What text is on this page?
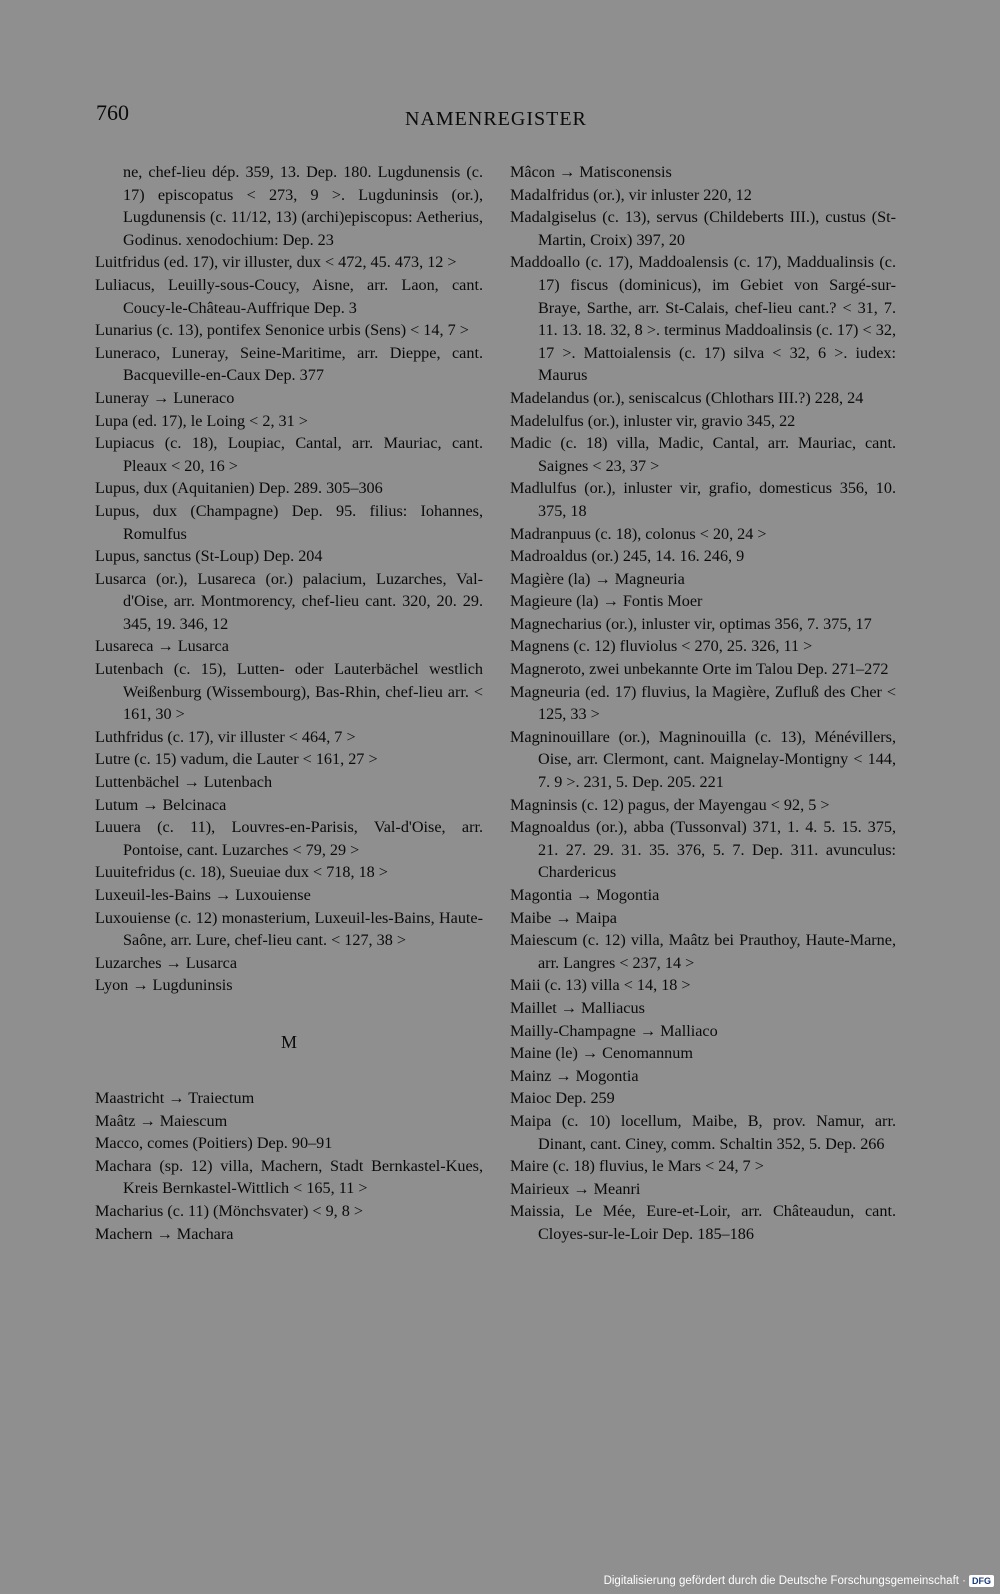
760	NAMENREGISTER

ne, chef-lieu dép. 359, 13. Dep. 180. Lugdunensis (c. 17) episcopatus < 273, 9 >. Lugduninsis (or.), Lugdunensis (c. 11/12, 13) (archi)episcopus: Aetherius, Godinus. xenodochium: Dep. 23

Luitfridus (ed. 17), vir illuster, dux < 472, 45. 473, 12 >

Luliacus, Leuilly-sous-Coucy, Aisne, arr. Laon, cant. Coucy-le-Château-Auffrique Dep. 3

Lunarius (c. 13), pontifex Senonice urbis (Sens) < 14, 7 >

Luneraco, Luneray, Seine-Maritime, arr. Dieppe, cant. Bacqueville-en-Caux Dep. 377

Luneray → Luneraco

Lupa (ed. 17), le Loing < 2, 31 >

Lupiacus (c. 18), Loupiac, Cantal, arr. Mauriac, cant. Pleaux < 20, 16 >

Lupus, dux (Aquitanien) Dep. 289. 305–306

Lupus, dux (Champagne) Dep. 95. filius: Iohannes, Romulfus

Lupus, sanctus (St-Loup) Dep. 204

Lusarca (or.), Lusareca (or.) palacium, Luzarches, Val-d'Oise, arr. Montmorency, chef-lieu cant. 320, 20. 29. 345, 19. 346, 12

Lusareca → Lusarca

Lutenbach (c. 15), Lutten- oder Lauterbächel westlich Weißenburg (Wissembourg), Bas-Rhin, chef-lieu arr. < 161, 30 >

Luthfridus (c. 17), vir illuster < 464, 7 >

Lutre (c. 15) vadum, die Lauter < 161, 27 >

Luttenbächel → Lutenbach

Lutum → Belcinaca

Luuera (c. 11), Louvres-en-Parisis, Val-d'Oise, arr. Pontoise, cant. Luzarches < 79, 29 >

Luuitefridus (c. 18), Sueuiae dux < 718, 18 >

Luxeuil-les-Bains → Luxouiense

Luxouiense (c. 12) monasterium, Luxeuil-les-Bains, Haute-Saône, arr. Lure, chef-lieu cant. < 127, 38 >

Luzarches → Lusarca

Lyon → Lugduninsis

M

Maastricht → Traiectum

Maâtz → Maiescum

Macco, comes (Poitiers) Dep. 90–91

Machara (sp. 12) villa, Machern, Stadt Bernkastel-Kues, Kreis Bernkastel-Wittlich < 165, 11 >

Macharius (c. 11) (Mönchsvater) < 9, 8 >

Machern → Machara

Mâcon → Matisconensis

Madalfridus (or.), vir inluster 220, 12

Madalgiselus (c. 13), servus (Childeberts III.), custus (St-Martin, Croix) 397, 20

Maddoallo (c. 17), Maddoalensis (c. 17), Maddualinsis (c. 17) fiscus (dominicus), im Gebiet von Sargé-sur-Braye, Sarthe, arr. St-Calais, chef-lieu cant.? < 31, 7. 11. 13. 18. 32, 8 >. terminus Maddoalinsis (c. 17) < 32, 17 >. Mattoialensis (c. 17) silva < 32, 6 >. iudex: Maurus

Madelandus (or.), seniscalcus (Chlothars III.?) 228, 24

Madelulfus (or.), inluster vir, gravio 345, 22

Madic (c. 18) villa, Madic, Cantal, arr. Mauriac, cant. Saignes < 23, 37 >

Madlulfus (or.), inluster vir, grafio, domesticus 356, 10. 375, 18

Madranpuus (c. 18), colonus < 20, 24 >

Madroaldus (or.) 245, 14. 16. 246, 9

Magière (la) → Magneuria

Magieure (la) → Fontis Moer

Magnecharius (or.), inluster vir, optimas 356, 7. 375, 17

Magnens (c. 12) fluviolus < 270, 25. 326, 11 >

Magneroto, zwei unbekannte Orte im Talou Dep. 271–272

Magneuria (ed. 17) fluvius, la Magière, Zufluß des Cher < 125, 33 >

Magninouillare (or.), Magninouilla (c. 13), Ménévillers, Oise, arr. Clermont, cant. Maignelay-Montigny < 144, 7. 9 >. 231, 5. Dep. 205. 221

Magninsis (c. 12) pagus, der Mayengau < 92, 5 >

Magnoaldus (or.), abba (Tussonval) 371, 1. 4. 5. 15. 375, 21. 27. 29. 31. 35. 376, 5. 7. Dep. 311. avunculus: Chardericus

Magontia → Mogontia

Maibe → Maipa

Maiescum (c. 12) villa, Maâtz bei Prauthoy, Haute-Marne, arr. Langres < 237, 14 >

Maii (c. 13) villa < 14, 18 >

Maillet → Malliacus

Mailly-Champagne → Malliaco

Maine (le) → Cenomannum

Mainz → Mogontia

Maioc Dep. 259

Maipa (c. 10) locellum, Maibe, B, prov. Namur, arr. Dinant, cant. Ciney, comm. Schaltin 352, 5. Dep. 266

Maire (c. 18) fluvius, le Mars < 24, 7 >

Mairieux → Meanri

Maissia, Le Mée, Eure-et-Loir, arr. Châteaudun, cant. Cloyes-sur-le-Loir Dep. 185–186

Digitalisierung gefördert durch die Deutsche Forschungsgemeinschaft · DFG
